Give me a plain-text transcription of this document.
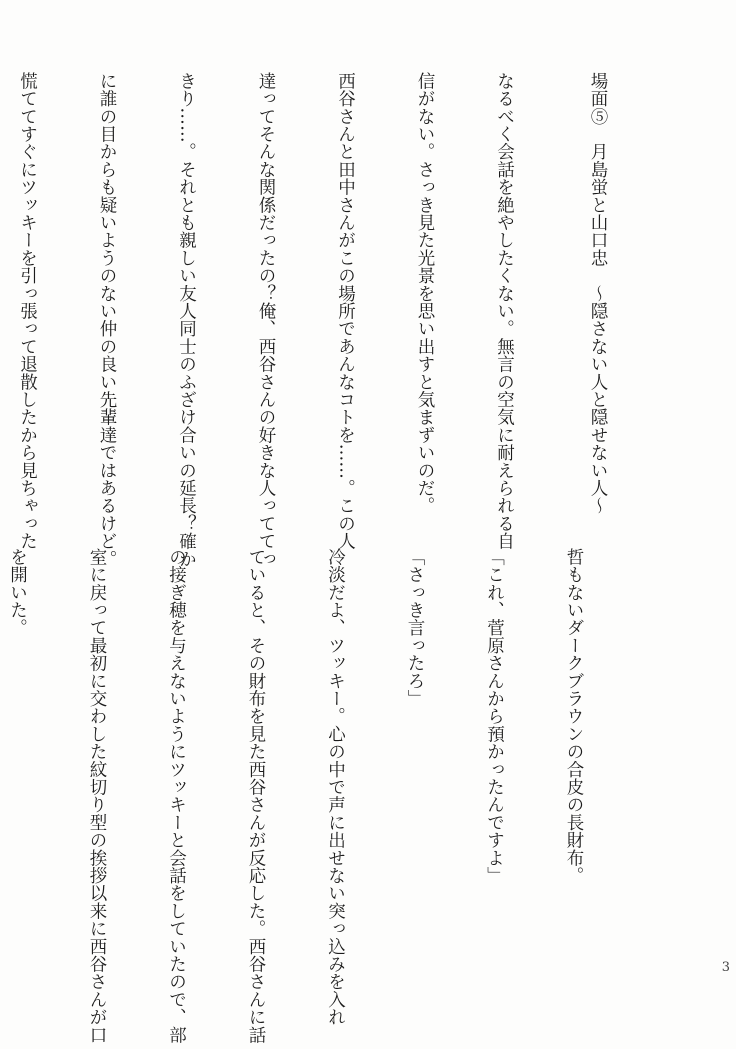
場面⑤　月島蛍と山口忠　～隠さない人と隠せない人～

なるべく会話を絶やしたくない。無言の空気に耐えられる自

信がない。さっき見た光景を思い出すと気まずいのだ。

西谷さんと田中さんがこの場所であんなコトを……。この人

達ってそんな関係だったの？俺、西谷さんの好きな人っててっ

きり……。それとも親しい友人同士のふざけ合いの延長？確か

に誰の目からも疑いようのない仲の良い先輩達ではあるけど。

慌ててすぐにツッキーを引っ張って退散したから見ちゃった

哲もないダークブラウンの合皮の長財布。

「これ、菅原さんから預かったんですよ」

「さっき言ったろ」

冷淡だよ、ツッキー。心の中で声に出せない突っ込みを入れ

ていると、その財布を見た西谷さんが反応した。西谷さんに話

の接ぎ穂を与えないようにツッキーと会話をしていたので、部

室に戻って最初に交わした紋切り型の挨拶以来に西谷さんが口

を開いた。

3
